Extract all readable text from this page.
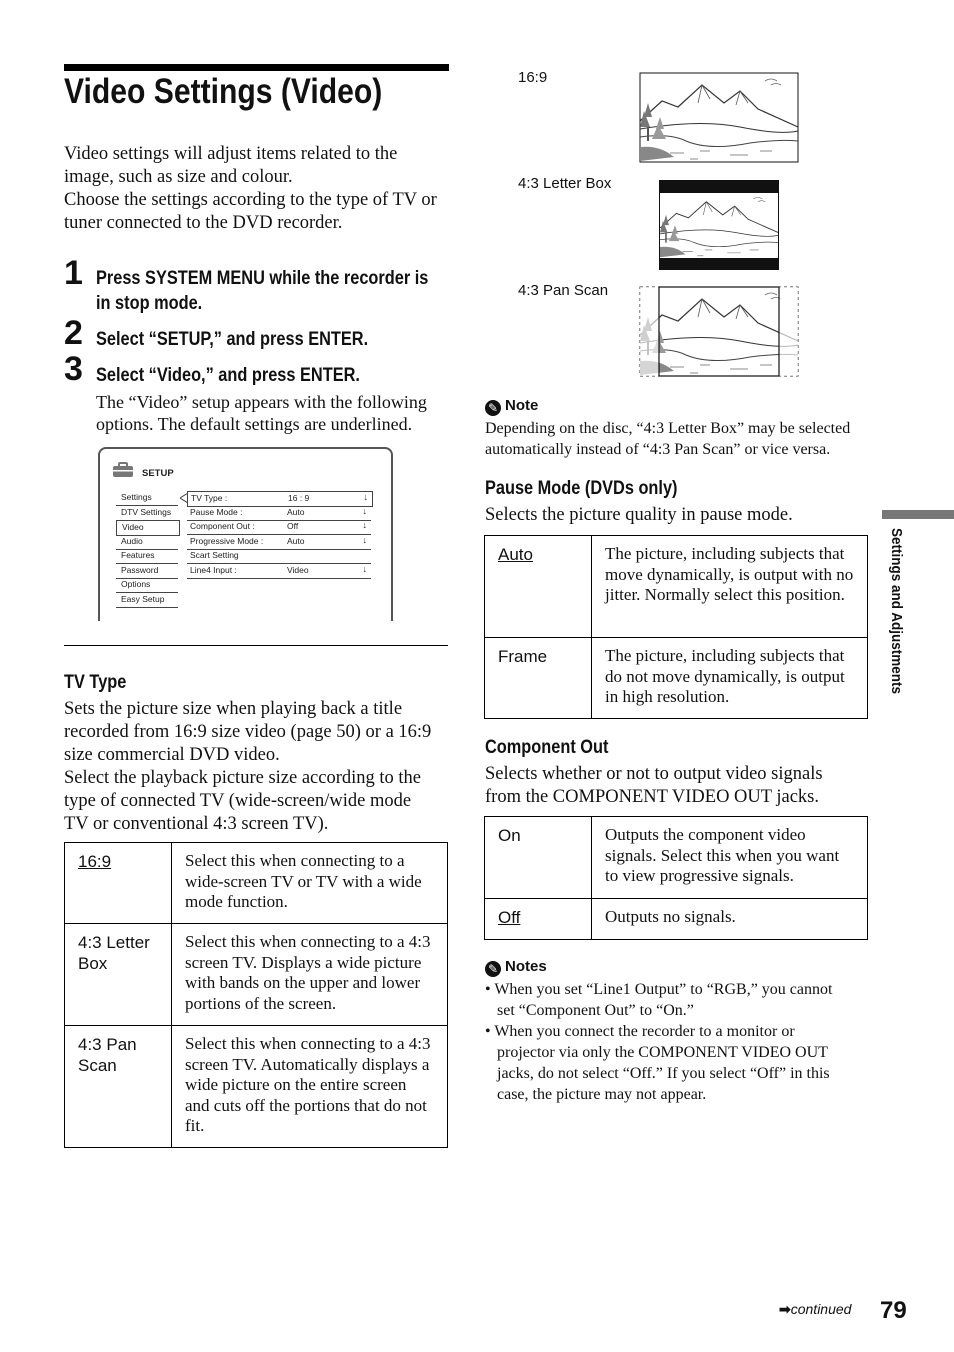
Video Settings (Video)
Video settings will adjust items related to the
image, such as size and colour.
Choose the settings according to the type of TV or
tuner connected to the DVD recorder.
1 Press SYSTEM MENU while the recorder is
in stop mode.
2 Select “SETUP,” and press ENTER.
3 Select “Video,” and press ENTER.
The “Video” setup appears with the following
options. The default settings are underlined.
SETUP
Settings
DTV Settings
Video
Audio
Features
Password
Options
Easy Setup
TV Type :	16 : 9	↓
Pause Mode :	Auto	↓
Component Out :	Off	↓
Progressive Mode :	Auto	↓
Scart Setting
Line4 Input :	Video	↓
TV Type
Sets the picture size when playing back a title
recorded from 16:9 size video (page 50) or a 16:9
size commercial DVD video.
Select the playback picture size according to the
type of connected TV (wide-screen/wide mode
TV or conventional 4:3 screen TV).
16:9	Select this when connecting to a wide-screen TV or TV with a wide mode function.
4:3 Letter Box	Select this when connecting to a 4:3 screen TV. Displays a wide picture with bands on the upper and lower portions of the screen.
4:3 Pan Scan	Select this when connecting to a 4:3 screen TV. Automatically displays a wide picture on the entire screen and cuts off the portions that do not fit.
16:9
4:3 Letter Box
4:3 Pan Scan
✎ Note
Depending on the disc, “4:3 Letter Box” may be selected
automatically instead of “4:3 Pan Scan” or vice versa.
Pause Mode (DVDs only)
Selects the picture quality in pause mode.
Auto	The picture, including subjects that move dynamically, is output with no jitter. Normally select this position.
Frame	The picture, including subjects that do not move dynamically, is output in high resolution.
Component Out
Selects whether or not to output video signals
from the COMPONENT VIDEO OUT jacks.
On	Outputs the component video signals. Select this when you want to view progressive signals.
Off	Outputs no signals.
✎ Notes
• When you set “Line1 Output” to “RGB,” you cannot
set “Component Out” to “On.”
• When you connect the recorder to a monitor or
projector via only the COMPONENT VIDEO OUT
jacks, do not select “Off.” If you select “Off” in this
case, the picture may not appear.
Settings and Adjustments
➡continued 79
